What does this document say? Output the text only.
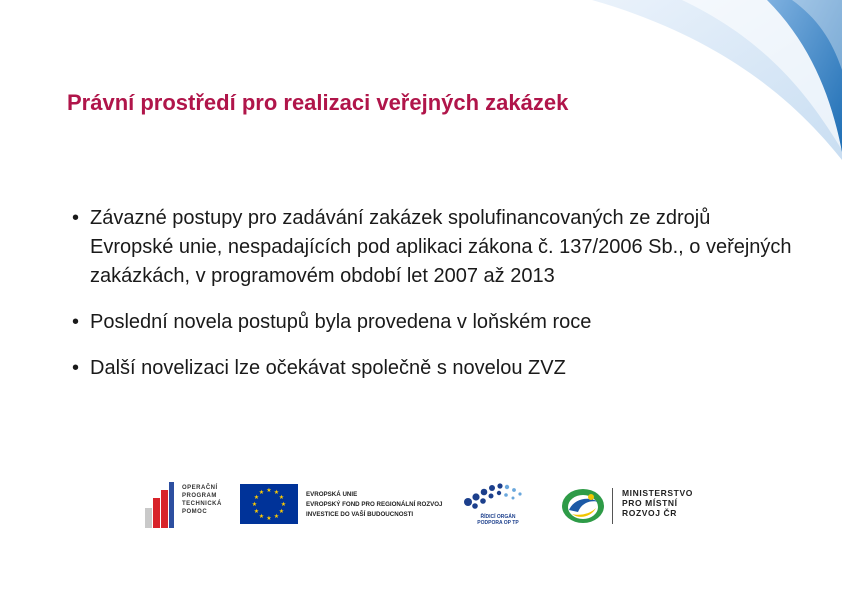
Právní prostředí pro realizaci veřejných zakázek
• Závazné postupy pro zadávání zakázek spolufinancovaných ze zdrojů Evropské unie, nespadajících pod aplikaci zákona č. 137/2006 Sb., o veřejných zakázkách, v programovém období let 2007 až 2013
• Poslední novela postupů byla provedena v loňském roce
• Další novelizaci lze očekávat společně s novelou ZVZ
OPERAČNÍ
PROGRAM
TECHNICKÁ
POMOC
★ ★
★
★
★
★
★
★
★
★
★
★	EVROPSKÁ UNIE
EVROPSKÝ FOND PRO REGIONÁLNÍ ROZVOJ
INVESTICE DO VAŠÍ BUDOUCNOSTI	ŘÍDICÍ ORGÁN
PODPORA OP TP
MINISTERSTVO
PRO MÍSTNÍ
ROZVOJ ČR
